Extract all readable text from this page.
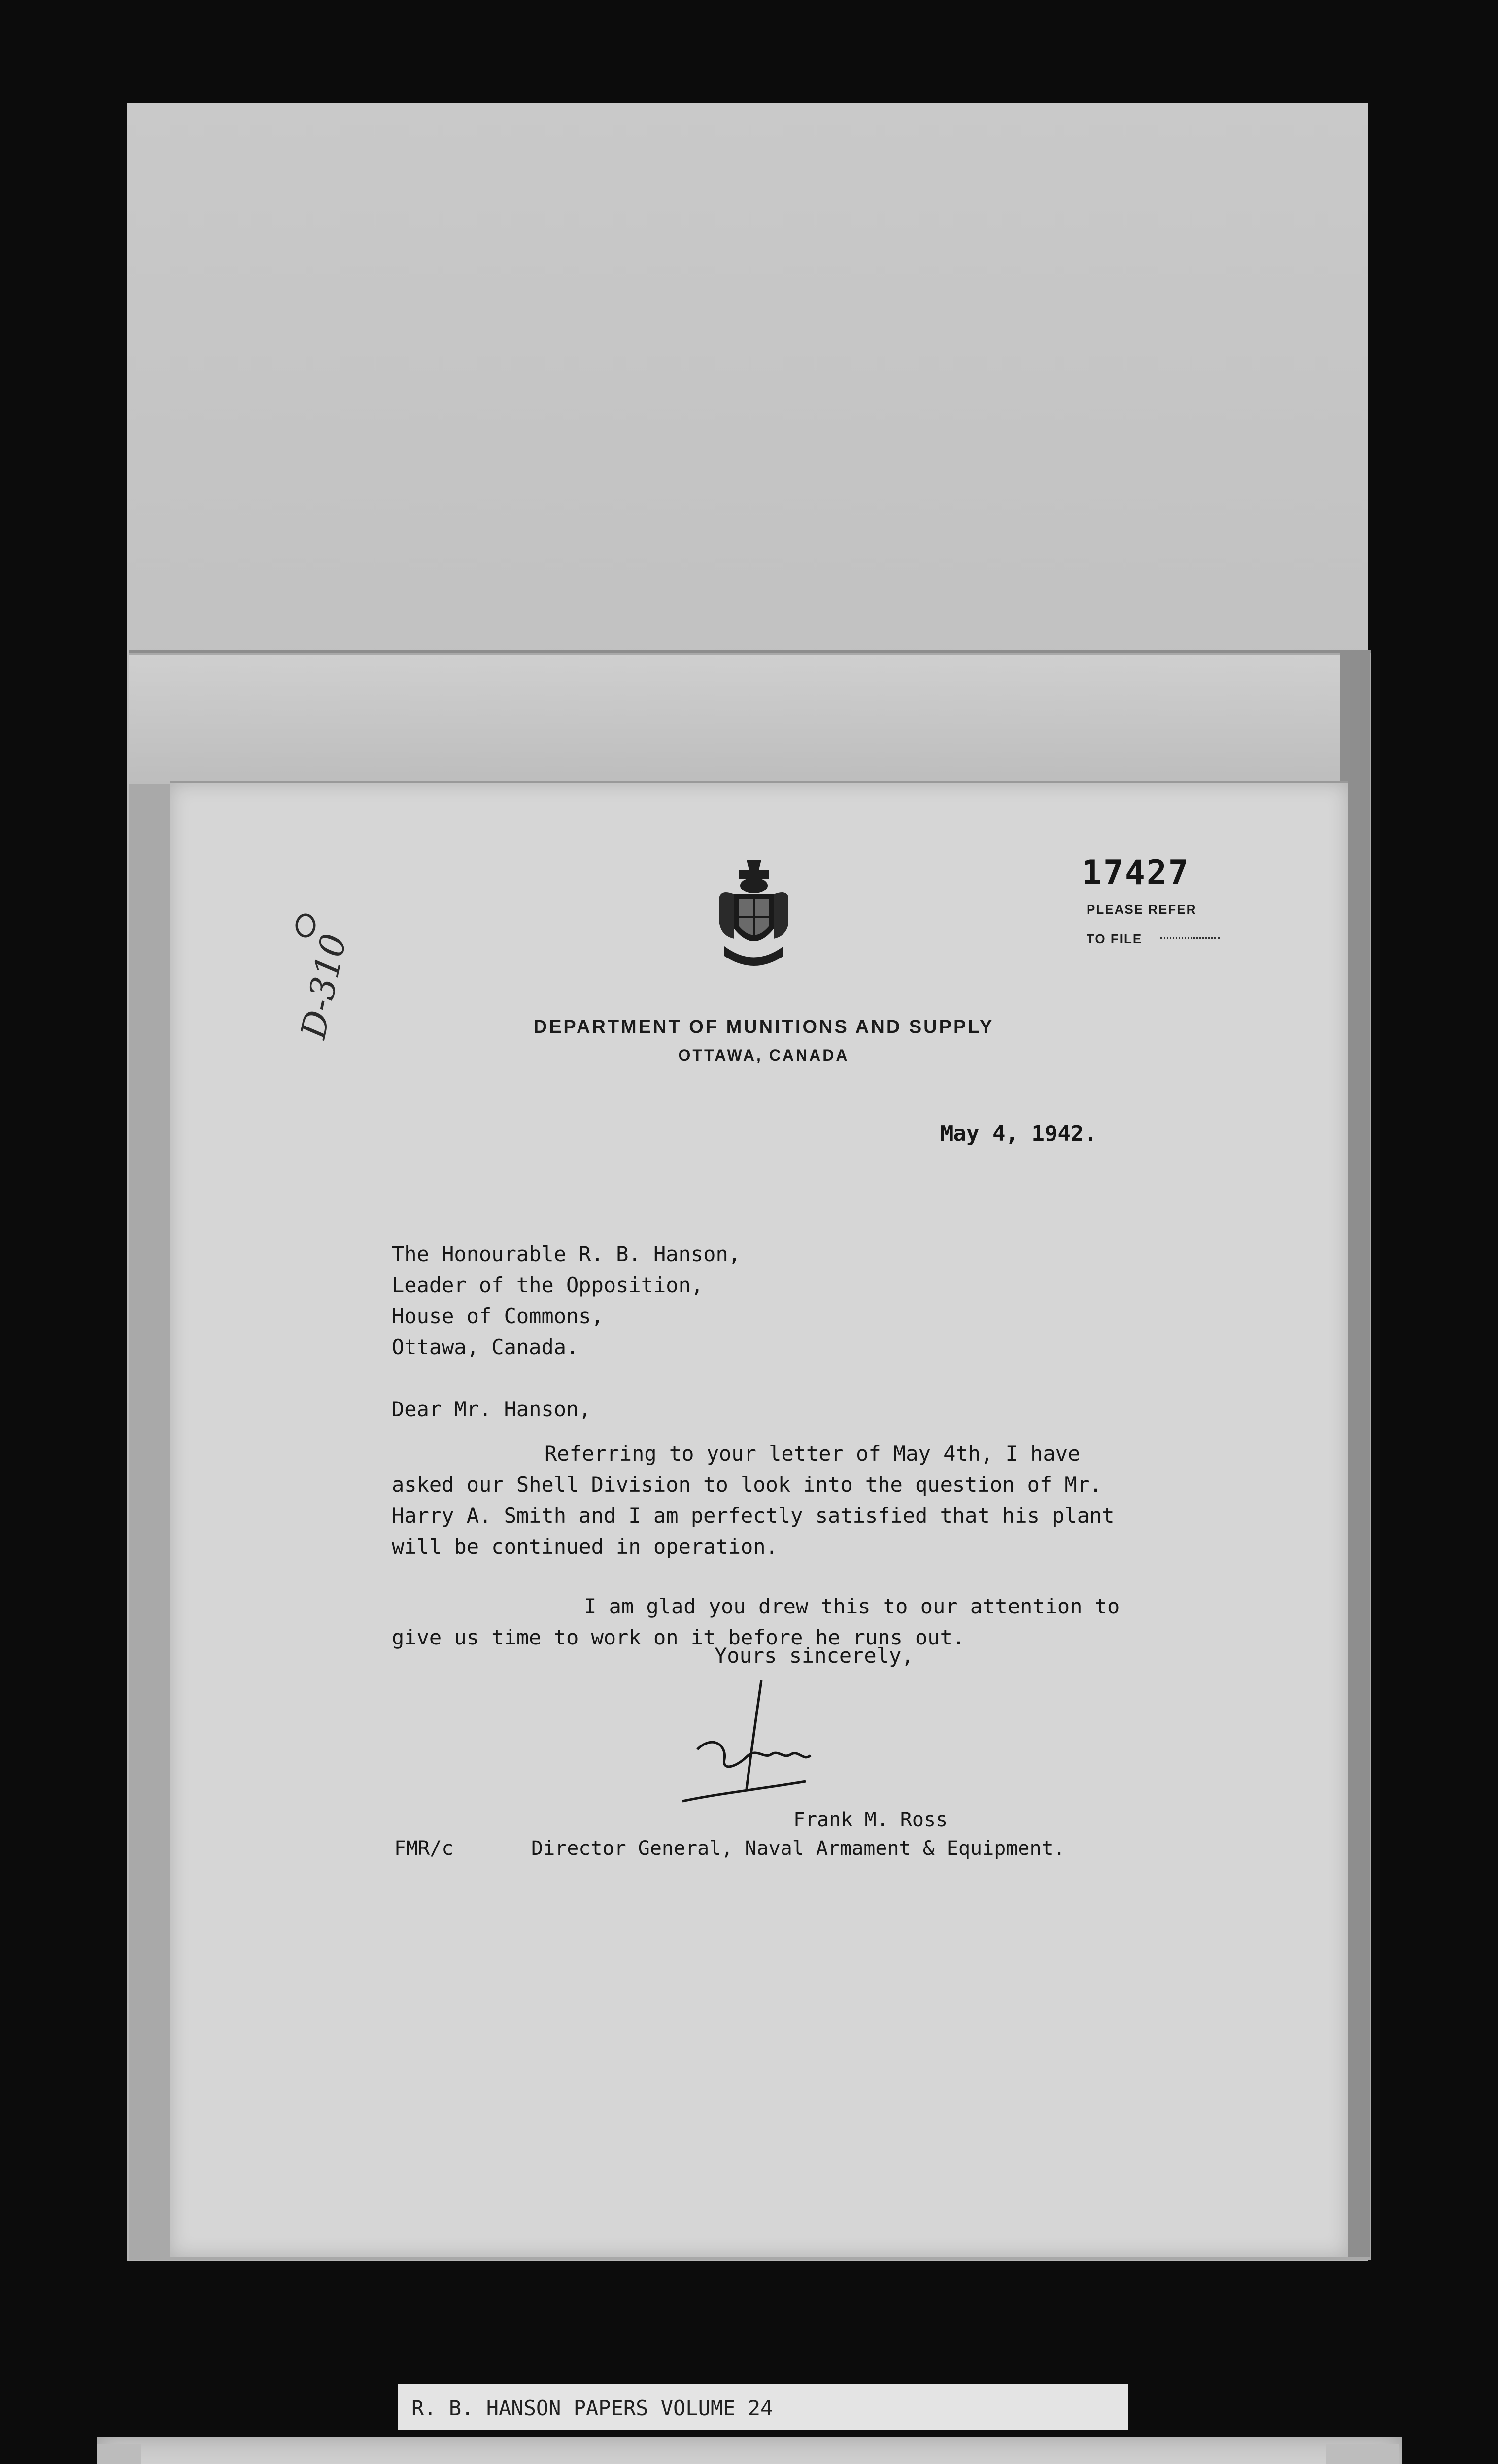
D-310	DEPARTMENT OF MUNITIONS AND SUPPLY
OTTAWA, CANADA
17427
PLEASE REFER
TO FILE
May 4, 1942.
The Honourable R. B. Hanson,
Leader of the Opposition,
House of Commons,
Ottawa, Canada.
Dear Mr. Hanson,
Referring to your letter of May 4th, I have
asked our Shell Division to look into the question of Mr.
Harry A. Smith and I am perfectly satisfied that his plant
will be continued in operation.
I am glad you drew this to our attention to
give us time to work on it before he runs out.
Yours sincerely,
Frank M. Ross
FMR/c	Director General, Naval Armament & Equipment.
R. B. HANSON PAPERS VOLUME 24
